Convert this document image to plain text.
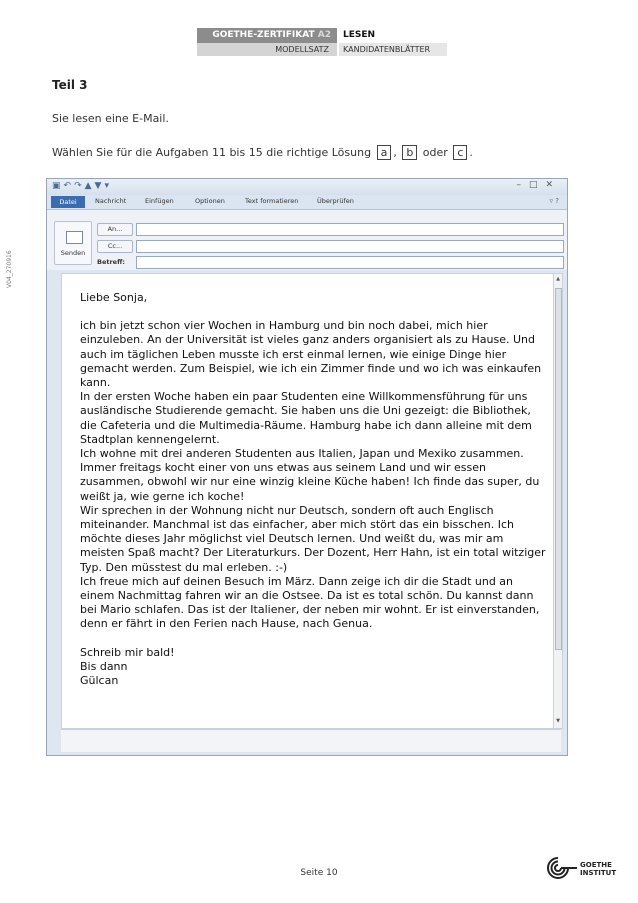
GOETHE-ZERTIFIKAT A2	LESEN
MODELLSATZ	KANDIDATENBLÄTTER
V04_270916
Teil 3
Sie lesen eine E-Mail.
Wählen Sie für die Aufgaben 11 bis 15 die richtige Lösung a , b oder c .
▣↶↷▲▼▾	–□✕
Datei	Nachricht	Einfügen	Optionen	Text formatieren	Überprüfen	▿ ?
Senden
An...
Cc...
Betreff:
▲
▼

Liebe Sonja,

ich bin jetzt schon vier Wochen in Hamburg und bin noch dabei, mich hier einzuleben. An der Universität ist vieles ganz anders organisiert als zu Hause. Und auch im täglichen Leben musste ich erst einmal lernen, wie einige Dinge hier gemacht werden. Zum Beispiel, wie ich ein Zimmer finde und wo ich was einkaufen kann.

In der ersten Woche haben ein paar Studenten eine Willkommensführung für uns ausländische Studierende gemacht. Sie haben uns die Uni gezeigt: die Bibliothek, die Cafeteria und die Multimedia-Räume. Hamburg habe ich dann alleine mit dem Stadtplan kennengelernt.

Ich wohne mit drei anderen Studenten aus Italien, Japan und Mexiko zusammen. Immer freitags kocht einer von uns etwas aus seinem Land und wir essen zusammen, obwohl wir nur eine winzig kleine Küche haben! Ich finde das super, du weißt ja, wie gerne ich koche!

Wir sprechen in der Wohnung nicht nur Deutsch, sondern oft auch Englisch miteinander. Manchmal ist das einfacher, aber mich stört das ein bisschen. Ich möchte dieses Jahr möglichst viel Deutsch lernen. Und weißt du, was mir am meisten Spaß macht? Der Literaturkurs. Der Dozent, Herr Hahn, ist ein total witziger Typ. Den müsstest du mal erleben. :-)

Ich freue mich auf deinen Besuch im März. Dann zeige ich dir die Stadt und an einem Nachmittag fahren wir an die Ostsee. Da ist es total schön. Du kannst dann bei Mario schlafen. Das ist der Italiener, der neben mir wohnt. Er ist einverstanden, denn er fährt in den Ferien nach Hause, nach Genua.

Schreib mir bald!

Bis dann

Gülcan

Seite 10
GOETHE
INSTITUT
